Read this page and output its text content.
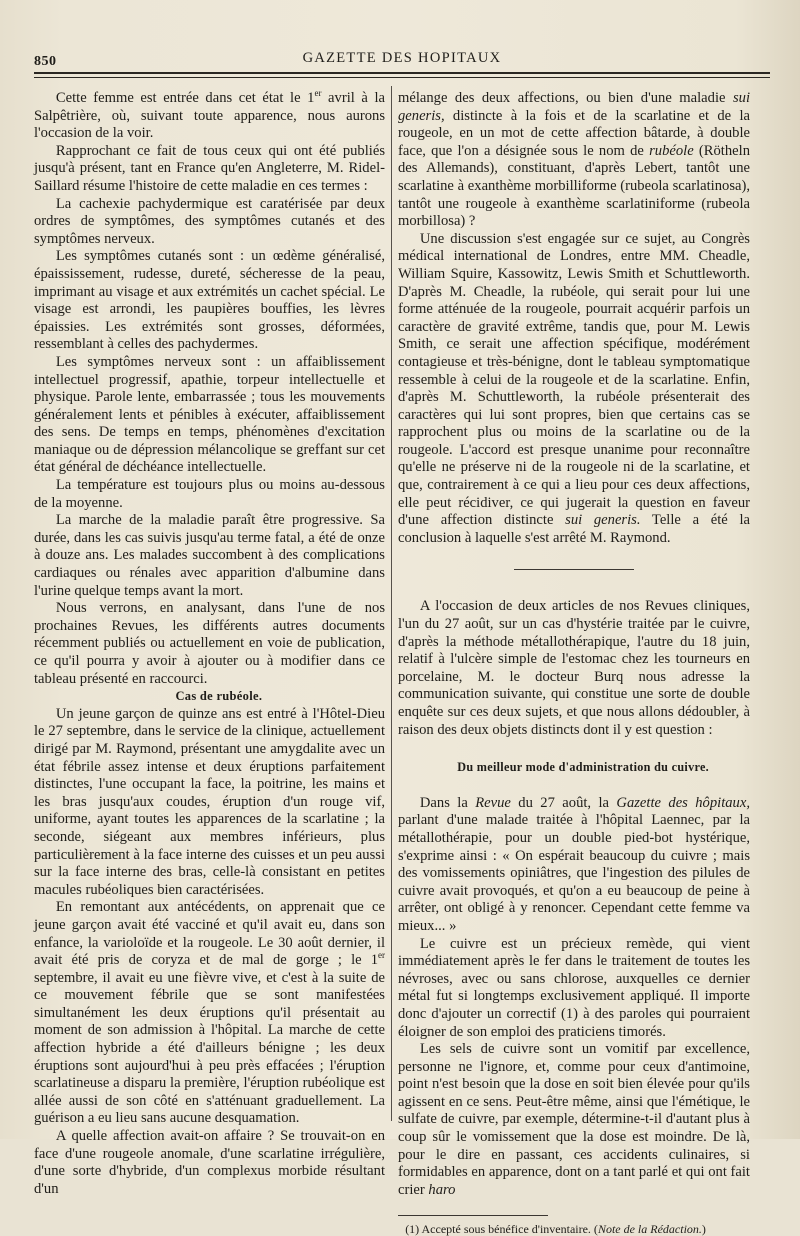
850	GAZETTE DES HOPITAUX

Cette femme est entrée dans cet état le 1er avril à la Salpêtrière, où, suivant toute apparence, nous aurons l'occasion de la voir.

Rapprochant ce fait de tous ceux qui ont été publiés jusqu'à présent, tant en France qu'en Angleterre, M. Ridel-Saillard résume l'histoire de cette maladie en ces termes :

La cachexie pachydermique est caratérisée par deux ordres de symptômes, des symptômes cutanés et des symptômes nerveux.

Les symptômes cutanés sont : un œdème généralisé, épaississement, rudesse, dureté, sécheresse de la peau, imprimant au visage et aux extrémités un cachet spécial. Le visage est arrondi, les paupières bouffies, les lèvres épaissies. Les extrémités sont grosses, déformées, ressemblant à celles des pachydermes.

Les symptômes nerveux sont : un affaiblissement intellectuel progressif, apathie, torpeur intellectuelle et physique. Parole lente, embarrassée ; tous les mouvements généralement lents et pénibles à exécuter, affaiblissement des sens. De temps en temps, phénomènes d'excitation maniaque ou de dépression mélancolique se greffant sur cet état général de déchéance intellectuelle.

La température est toujours plus ou moins au-dessous de la moyenne.

La marche de la maladie paraît être progressive. Sa durée, dans les cas suivis jusqu'au terme fatal, a été de onze à douze ans. Les malades succombent à des complications cardiaques ou rénales avec apparition d'albumine dans l'urine quelque temps avant la mort.

Nous verrons, en analysant, dans l'une de nos prochaines Revues, les différents autres documents récemment publiés ou actuellement en voie de publication, ce qu'il pourra y avoir à ajouter ou à modifier dans ce tableau présenté en raccourci.

Cas de rubéole.

Un jeune garçon de quinze ans est entré à l'Hôtel-Dieu le 27 septembre, dans le service de la clinique, actuellement dirigé par M. Raymond, présentant une amygdalite avec un état fébrile assez intense et deux éruptions parfaitement distinctes, l'une occupant la face, la poitrine, les mains et les bras jusqu'aux coudes, éruption d'un rouge vif, uniforme, ayant toutes les apparences de la scarlatine ; la seconde, siégeant aux membres inférieurs, plus particulièrement à la face interne des cuisses et un peu aussi sur la face interne des bras, celle-là consistant en petites macules rubéoliques bien caractérisées.

En remontant aux antécédents, on apprenait que ce jeune garçon avait été vacciné et qu'il avait eu, dans son enfance, la varioloïde et la rougeole. Le 30 août dernier, il avait été pris de coryza et de mal de gorge ; le 1er septembre, il avait eu une fièvre vive, et c'est à la suite de ce mouvement fébrile que se sont manifestées simultanément les deux éruptions qu'il présentait au moment de son admission à l'hôpital. La marche de cette affection hybride a été d'ailleurs bénigne ; les deux éruptions sont aujourd'hui à peu près effacées ; l'éruption scarlatineuse a disparu la première, l'éruption rubéolique est allée aussi de son côté en s'atténuant graduellement. La guérison a eu lieu sans aucune desquamation.

A quelle affection avait-on affaire ? Se trouvait-on en face d'une rougeole anomale, d'une scarlatine irrégulière, d'une sorte d'hybride, d'un complexus morbide résultant d'un

mélange des deux affections, ou bien d'une maladie sui generis, distincte à la fois et de la scarlatine et de la rougeole, en un mot de cette affection bâtarde, à double face, que l'on a désignée sous le nom de rubéole (Rötheln des Allemands), constituant, d'après Lebert, tantôt une scarlatine à exanthème morbilliforme (rubeola scarlatinosa), tantôt une rougeole à exanthème scarlatiniforme (rubeola morbillosa) ?

Une discussion s'est engagée sur ce sujet, au Congrès médical international de Londres, entre MM. Cheadle, William Squire, Kassowitz, Lewis Smith et Schuttleworth. D'après M. Cheadle, la rubéole, qui serait pour lui une forme atténuée de la rougeole, pourrait acquérir parfois un caractère de gravité extrême, tandis que, pour M. Lewis Smith, ce serait une affection spécifique, modérément contagieuse et très-bénigne, dont le tableau symptomatique ressemble à celui de la rougeole et de la scarlatine. Enfin, d'après M. Schuttleworth, la rubéole présenterait des caractères qui lui sont propres, bien que certains cas se rapprochent plus ou moins de la scarlatine ou de la rougeole. L'accord est presque unanime pour reconnaître qu'elle ne préserve ni de la rougeole ni de la scarlatine, et que, contrairement à ce qui a lieu pour ces deux affections, elle peut récidiver, ce qui jugerait la question en faveur d'une affection distincte sui generis. Telle a été la conclusion à laquelle s'est arrêté M. Raymond.

A l'occasion de deux articles de nos Revues cliniques, l'un du 27 août, sur un cas d'hystérie traitée par le cuivre, d'après la méthode métallothérapique, l'autre du 18 juin, relatif à l'ulcère simple de l'estomac chez les tourneurs en porcelaine, M. le docteur Burq nous adresse la communication suivante, qui constitue une sorte de double enquête sur ces deux sujets, et que nous allons dédoubler, à raison des deux objets distincts dont il y est question :

Du meilleur mode d'administration du cuivre.

Dans la Revue du 27 août, la Gazette des hôpitaux, parlant d'une malade traitée à l'hôpital Laennec, par la métallothérapie, pour un double pied-bot hystérique, s'exprime ainsi : « On espérait beaucoup du cuivre ; mais des vomissements opiniâtres, que l'ingestion des pilules de cuivre avait provoqués, et qu'on a eu beaucoup de peine à arrêter, ont obligé à y renoncer. Cependant cette femme va mieux... »

Le cuivre est un précieux remède, qui vient immédiatement après le fer dans le traitement de toutes les névroses, avec ou sans chlorose, auxquelles ce dernier métal fut si longtemps exclusivement appliqué. Il importe donc d'ajouter un correctif (1) à des paroles qui pourraient éloigner de son emploi des praticiens timorés.

Les sels de cuivre sont un vomitif par excellence, personne ne l'ignore, et, comme pour ceux d'antimoine, point n'est besoin que la dose en soit bien élevée pour qu'ils agissent en ce sens. Peut-être même, ainsi que l'émétique, le sulfate de cuivre, par exemple, détermine-t-il d'autant plus à coup sûr le vomissement que la dose est moindre. De là, pour le dire en passant, ces accidents culinaires, si formidables en apparence, dont on a tant parlé et qui ont fait crier haro

(1) Accepté sous bénéfice d'inventaire. (Note de la Rédaction.)
